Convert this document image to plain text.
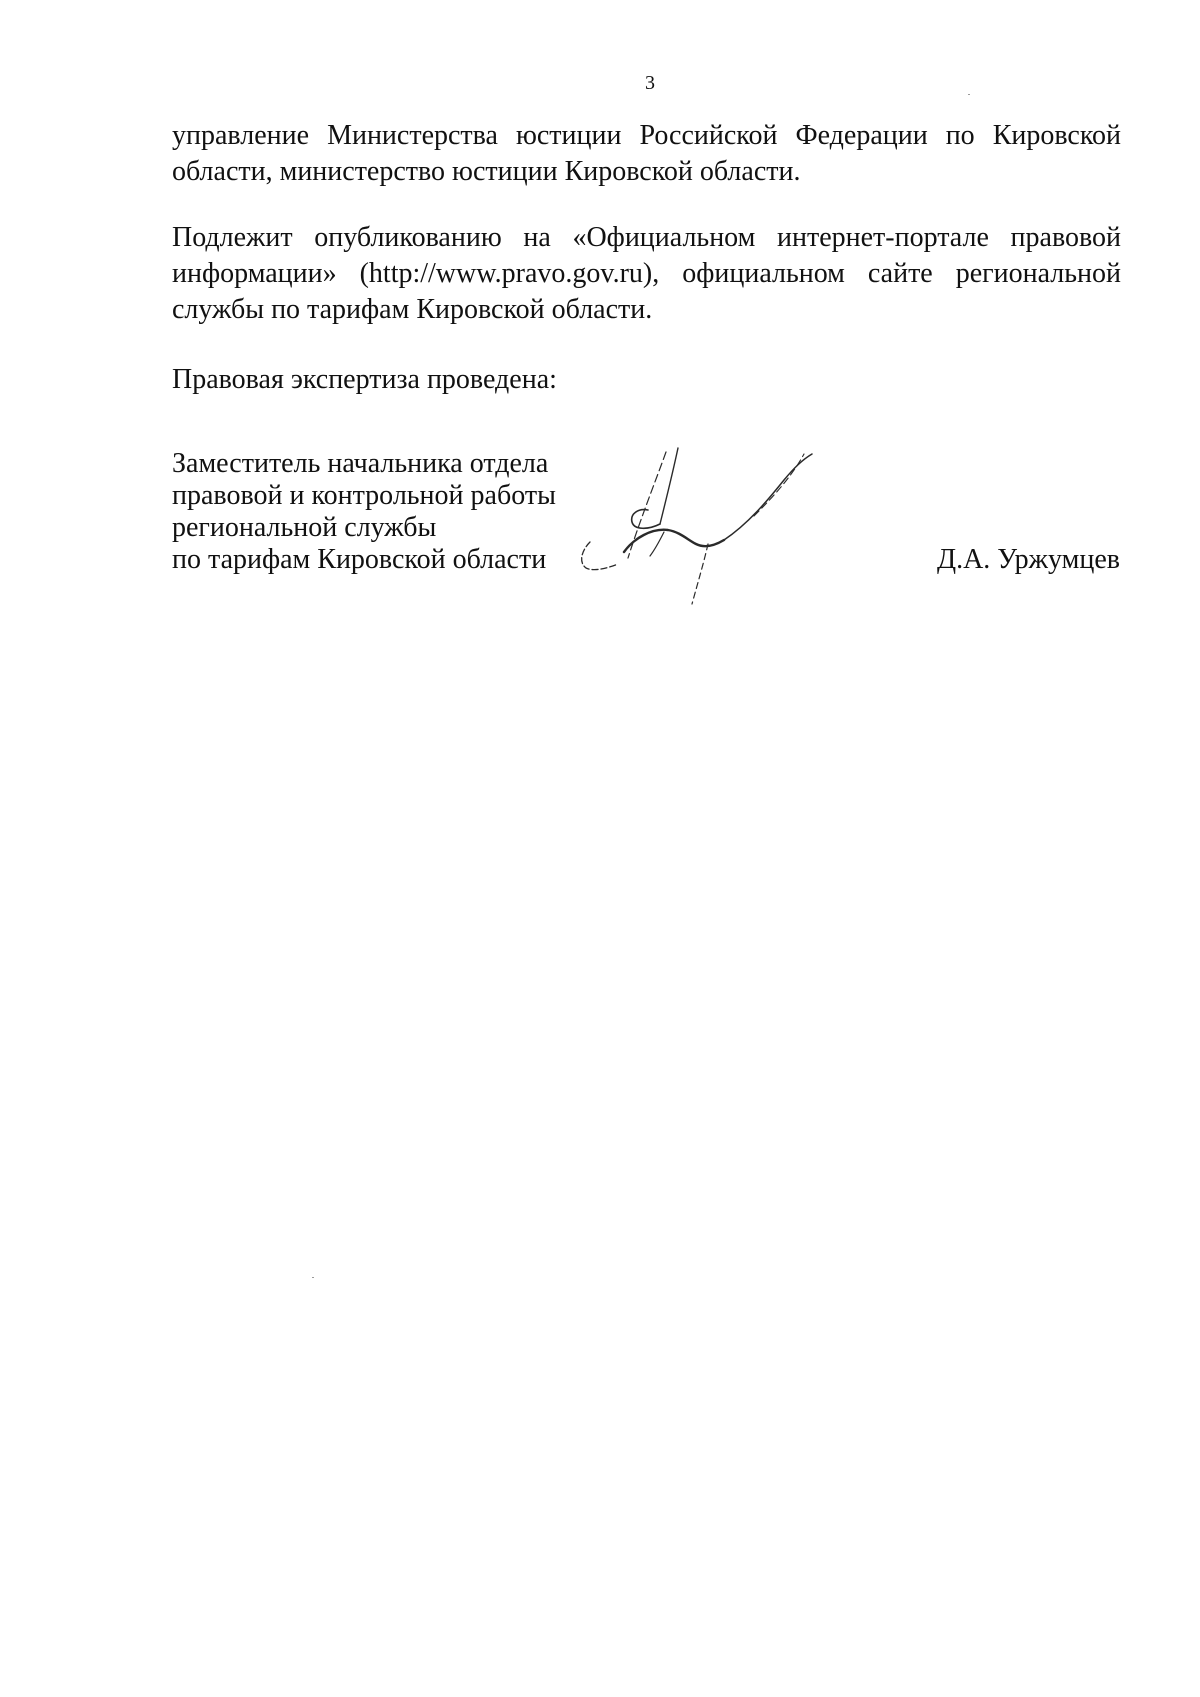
3
управление Министерства юстиции Российской Федерации по Кировской
области, министерство юстиции Кировской области.
Подлежит опубликованию на «Официальном интернет-портале правовой
информации» (http://www.pravo.gov.ru), официальном сайте региональной
службы по тарифам Кировской области.
Правовая экспертиза проведена:
Заместитель начальника отдела
правовой и контрольной работы
региональной службы
по тарифам Кировской области	Д.А. Уржумцев
